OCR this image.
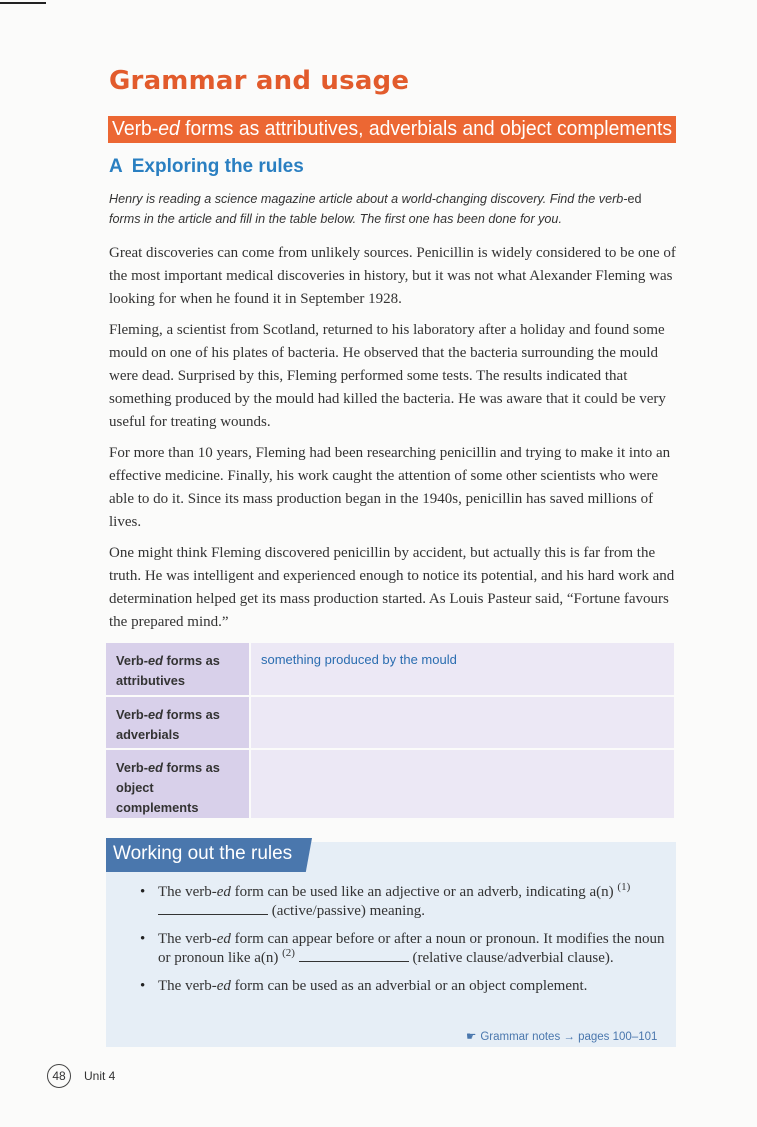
Grammar and usage
Verb-ed forms as attributives, adverbials and object complements
A Exploring the rules

Henry is reading a science magazine article about a world-changing discovery. Find the verb-ed forms in the article and fill in the table below. The first one has been done for you.

Great discoveries can come from unlikely sources. Penicillin is widely considered to be one of the most important medical discoveries in history, but it was not what Alexander Fleming was looking for when he found it in September 1928.

Fleming, a scientist from Scotland, returned to his laboratory after a holiday and found some mould on one of his plates of bacteria. He observed that the bacteria surrounding the mould were dead. Surprised by this, Fleming performed some tests. The results indicated that something produced by the mould had killed the bacteria. He was aware that it could be very useful for treating wounds.

For more than 10 years, Fleming had been researching penicillin and trying to make it into an effective medicine. Finally, his work caught the attention of some other scientists who were able to do it. Since its mass production began in the 1940s, penicillin has saved millions of lives.

One might think Fleming discovered penicillin by accident, but actually this is far from the truth. He was intelligent and experienced enough to notice its potential, and his hard work and determination helped get its mass production started. As Louis Pasteur said, “Fortune favours the prepared mind.”

Verb-ed forms as attributives	something produced by the mould
Verb-ed forms as adverbials	
Verb-ed forms as object complements	
Working out the rules
• The verb-ed form can be used like an adjective or an adverb, indicating a(n) $^{(1)}$  (active/passive) meaning.
• The verb-ed form can appear before or after a noun or pronoun. It modifies the noun or pronoun like a(n) $^{(2)}$	(relative clause/adverbial clause).
• The verb-ed form can be used as an adverbial or an object complement.
☛ Grammar notes → pages 100–101
48	Unit 4
